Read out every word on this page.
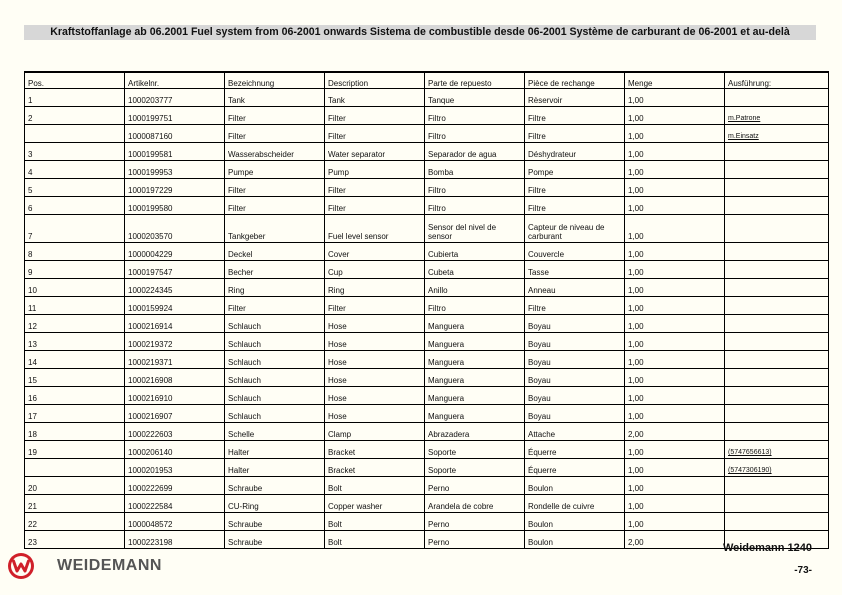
Kraftstoffanlage ab 06.2001 Fuel system from 06-2001 onwards Sistema de combustible desde 06-2001 Système de carburant de 06-2001 et au-delà
Pos.	Artikelnr.	Bezeichnung	Description	Parte de repuesto	Pièce de rechange	Menge	Ausführung:
1	1000203777	Tank	Tank	Tanque	Rèservoir	1,00	
2	1000199751	Filter	Filter	Filtro	Filtre	1,00	m.Patrone
	1000087160	Filter	Filter	Filtro	Filtre	1,00	m.Einsatz
3	1000199581	Wasserabscheider	Water separator	Separador de agua	Déshydrateur	1,00	
4	1000199953	Pumpe	Pump	Bomba	Pompe	1,00	
5	1000197229	Filter	Filter	Filtro	Filtre	1,00	
6	1000199580	Filter	Filter	Filtro	Filtre	1,00	
7	1000203570	Tankgeber	Fuel level sensor	Sensor del nivel de sensor	Capteur de niveau de carburant	1,00	
8	1000004229	Deckel	Cover	Cubierta	Couvercle	1,00	
9	1000197547	Becher	Cup	Cubeta	Tasse	1,00	
10	1000224345	Ring	Ring	Anillo	Anneau	1,00	
11	1000159924	Filter	Filter	Filtro	Filtre	1,00	
12	1000216914	Schlauch	Hose	Manguera	Boyau	1,00	
13	1000219372	Schlauch	Hose	Manguera	Boyau	1,00	
14	1000219371	Schlauch	Hose	Manguera	Boyau	1,00	
15	1000216908	Schlauch	Hose	Manguera	Boyau	1,00	
16	1000216910	Schlauch	Hose	Manguera	Boyau	1,00	
17	1000216907	Schlauch	Hose	Manguera	Boyau	1,00	
18	1000222603	Schelle	Clamp	Abrazadera	Attache	2,00	
19	1000206140	Halter	Bracket	Soporte	Équerre	1,00	(5747656613)
	1000201953	Halter	Bracket	Soporte	Équerre	1,00	(5747306190)
20	1000222699	Schraube	Bolt	Perno	Boulon	1,00	
21	1000222584	CU-Ring	Copper washer	Arandela de cobre	Rondelle de cuivre	1,00	
22	1000048572	Schraube	Bolt	Perno	Boulon	1,00	
23	1000223198	Schraube	Bolt	Perno	Boulon	2,00	
WEIDEMANN
Weidemann 1240
-73-
